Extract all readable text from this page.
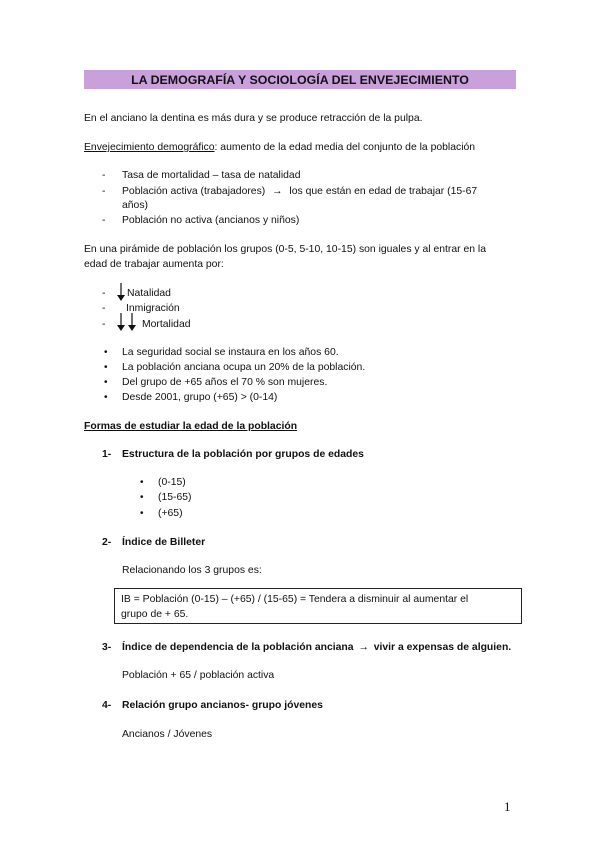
LA DEMOGRAFÍA Y SOCIOLOGÍA DEL ENVEJECIMIENTO
En el anciano la dentina es más dura y se produce retracción de la pulpa.
Envejecimiento demográfico: aumento de la edad media del conjunto de la población
-	Tasa de mortalidad – tasa de natalidad
-	Población activa (trabajadores) → los que están en edad de trabajar (15-67
años)
-	Población no activa (ancianos y niños)
En una pirámide de población los grupos (0-5, 5-10, 10-15) son iguales y al entrar en la
edad de trabajar aumenta por:
-	Natalidad
-	Inmigración
-	Mortalidad
•	La seguridad social se instaura en los años 60.
•	La población anciana ocupa un 20% de la población.
•	Del grupo de +65 años el 70 % son mujeres.
•	Desde 2001, grupo (+65) > (0-14)
Formas de estudiar la edad de la población
1- Estructura de la población por grupos de edades
•	(0-15)
•	(15-65)
•	(+65)
2- Índice de Billeter
Relacionando los 3 grupos es:
IB = Población (0-15) – (+65) / (15-65) = Tendera a disminuir al aumentar el
grupo de + 65.
3- Índice de dependencia de la población anciana → vivir a expensas de alguien.
Población + 65 / población activa
4- Relación grupo ancianos- grupo jóvenes
Ancianos / Jóvenes
1
